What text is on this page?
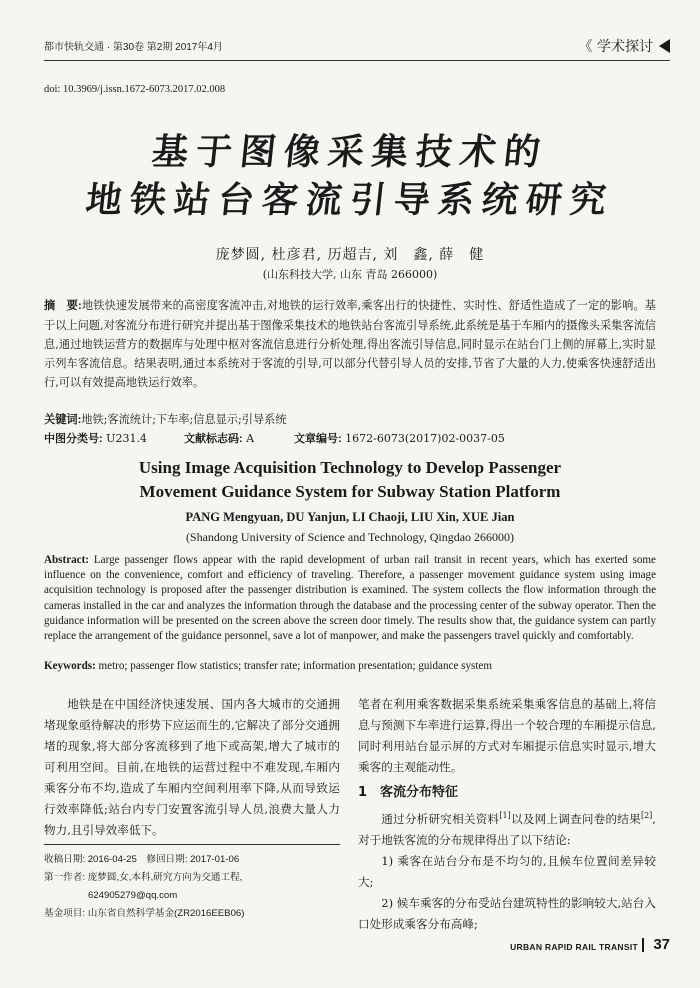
都市快轨交通 · 第30卷 第2期 2017年4月	《 学术探讨
doi: 10.3969/j.issn.1672-6073.2017.02.008
基于图像采集技术的
地铁站台客流引导系统研究
庞梦圆, 杜彦君, 历超吉, 刘　鑫, 薛　健
(山东科技大学, 山东 青岛 266000)
摘　要:地铁快速发展带来的高密度客流冲击,对地铁的运行效率,乘客出行的快捷性、实时性、舒适性造成了一定的影响。基于以上问题,对客流分布进行研究并提出基于图像采集技术的地铁站台客流引导系统,此系统是基于车厢内的摄像头采集客流信息,通过地铁运营方的数据库与处理中枢对客流信息进行分析处理,得出客流引导信息,同时显示在站台门上侧的屏幕上,实时显示列车客流信息。结果表明,通过本系统对于客流的引导,可以部分代替引导人员的安排,节省了大量的人力,使乘客快速舒适出行,可以有效提高地铁运行效率。
关键词:地铁;客流统计;下车率;信息显示;引导系统
中图分类号: U231.4	文献标志码: A	文章编号: 1672-6073(2017)02-0037-05
Using Image Acquisition Technology to Develop Passenger
Movement Guidance System for Subway Station Platform
PANG Mengyuan, DU Yanjun, LI Chaoji, LIU Xin, XUE Jian
(Shandong University of Science and Technology, Qingdao 266000)
Abstract: Large passenger flows appear with the rapid development of urban rail transit in recent years, which has exerted some influence on the convenience, comfort and efficiency of traveling. Therefore, a passenger movement guidance system using image acquisition technology is proposed after the passenger distribution is examined. The system collects the flow information through the cameras installed in the car and analyzes the information through the database and the processing center of the subway operator. Then the guidance information will be presented on the screen above the screen door timely. The results show that, the guidance system can partly replace the arrangement of the guidance personnel, save a lot of manpower, and make the passengers travel quickly and comfortably.
Keywords: metro; passenger flow statistics; transfer rate; information presentation; guidance system

地铁是在中国经济快速发展、国内各大城市的交通拥堵现象亟待解决的形势下应运而生的,它解决了部分交通拥堵的现象,将大部分客流移到了地下或高架,增大了城市的可利用空间。目前,在地铁的运营过程中不难发现,车厢内乘客分布不均,造成了车厢内空间利用率下降,从而导致运行效率降低;站台内专门安置客流引导人员,浪费大量人力物力,且引导效率低下。

笔者在利用乘客数据采集系统采集乘客信息的基础上,将信息与预测下车率进行运算,得出一个较合理的车厢提示信息,同时利用站台显示屏的方式对车厢提示信息实时显示,增大乘客的主观能动性。

1　客流分布特征

通过分析研究相关资料[1]以及网上调查问卷的结果[2],对于地铁客流的分布规律得出了以下结论:

1) 乘客在站台分布是不均匀的,且候车位置间差异较大;

2) 候车乘客的分布受站台建筑特性的影响较大,站台入口处形成乘客分布高峰;

收稿日期: 2016-04-25　修回日期: 2017-01-06
第一作者: 庞梦圆,女,本科,研究方向为交通工程,
624905279@qq.com
基金项目: 山东省自然科学基金(ZR2016EEB06)
URBAN RAPID RAIL TRANSIT 37
